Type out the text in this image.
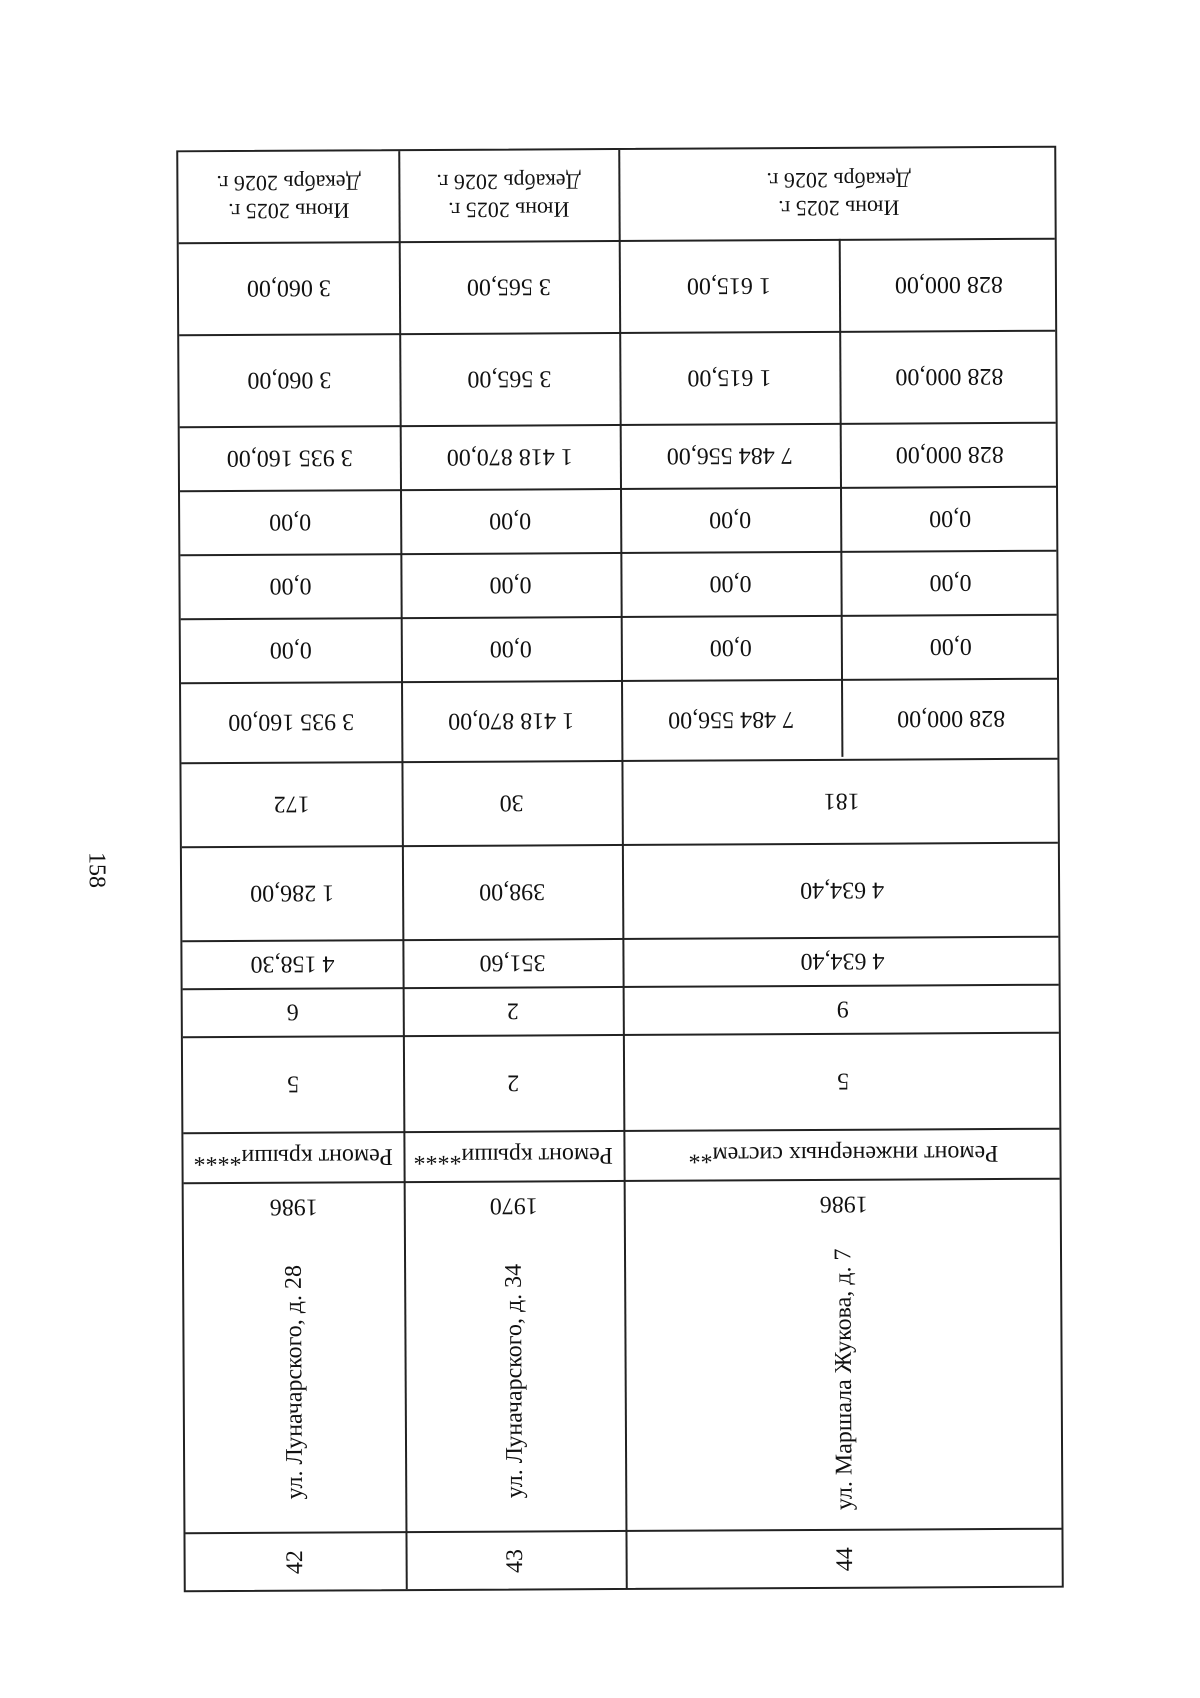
158
Июнь 2025 г.
Декабрь 2026 г.
3 060,00
3 060,00
3 935 160,00
0,00
0,00
0,00
3 935 160,00
172
1 286,00
4 158,30
6
5
Ремонт крыши****
1986
ул. Луначарского, д. 28
42
Июнь 2025 г.
Декабрь 2026 г.
3 565,00
3 565,00
1 418 870,00
0,00
0,00
0,00
1 418 870,00
30
398,00
351,60
2
2
Ремонт крыши****
1970
ул. Луначарского, д. 34
43
Июнь 2025 г.
Декабрь 2026 г.
1 615,00
1 615,00
7 484 556,00
0,00
0,00
0,00
7 484 556,00
828 000,00
828 000,00
828 000,00
0,00
0,00
0,00
828 000,00
181
4 634,40
4 634,40
9
5
Ремонт инженерных систем**
1986
ул. Маршала Жукова, д. 7
44
